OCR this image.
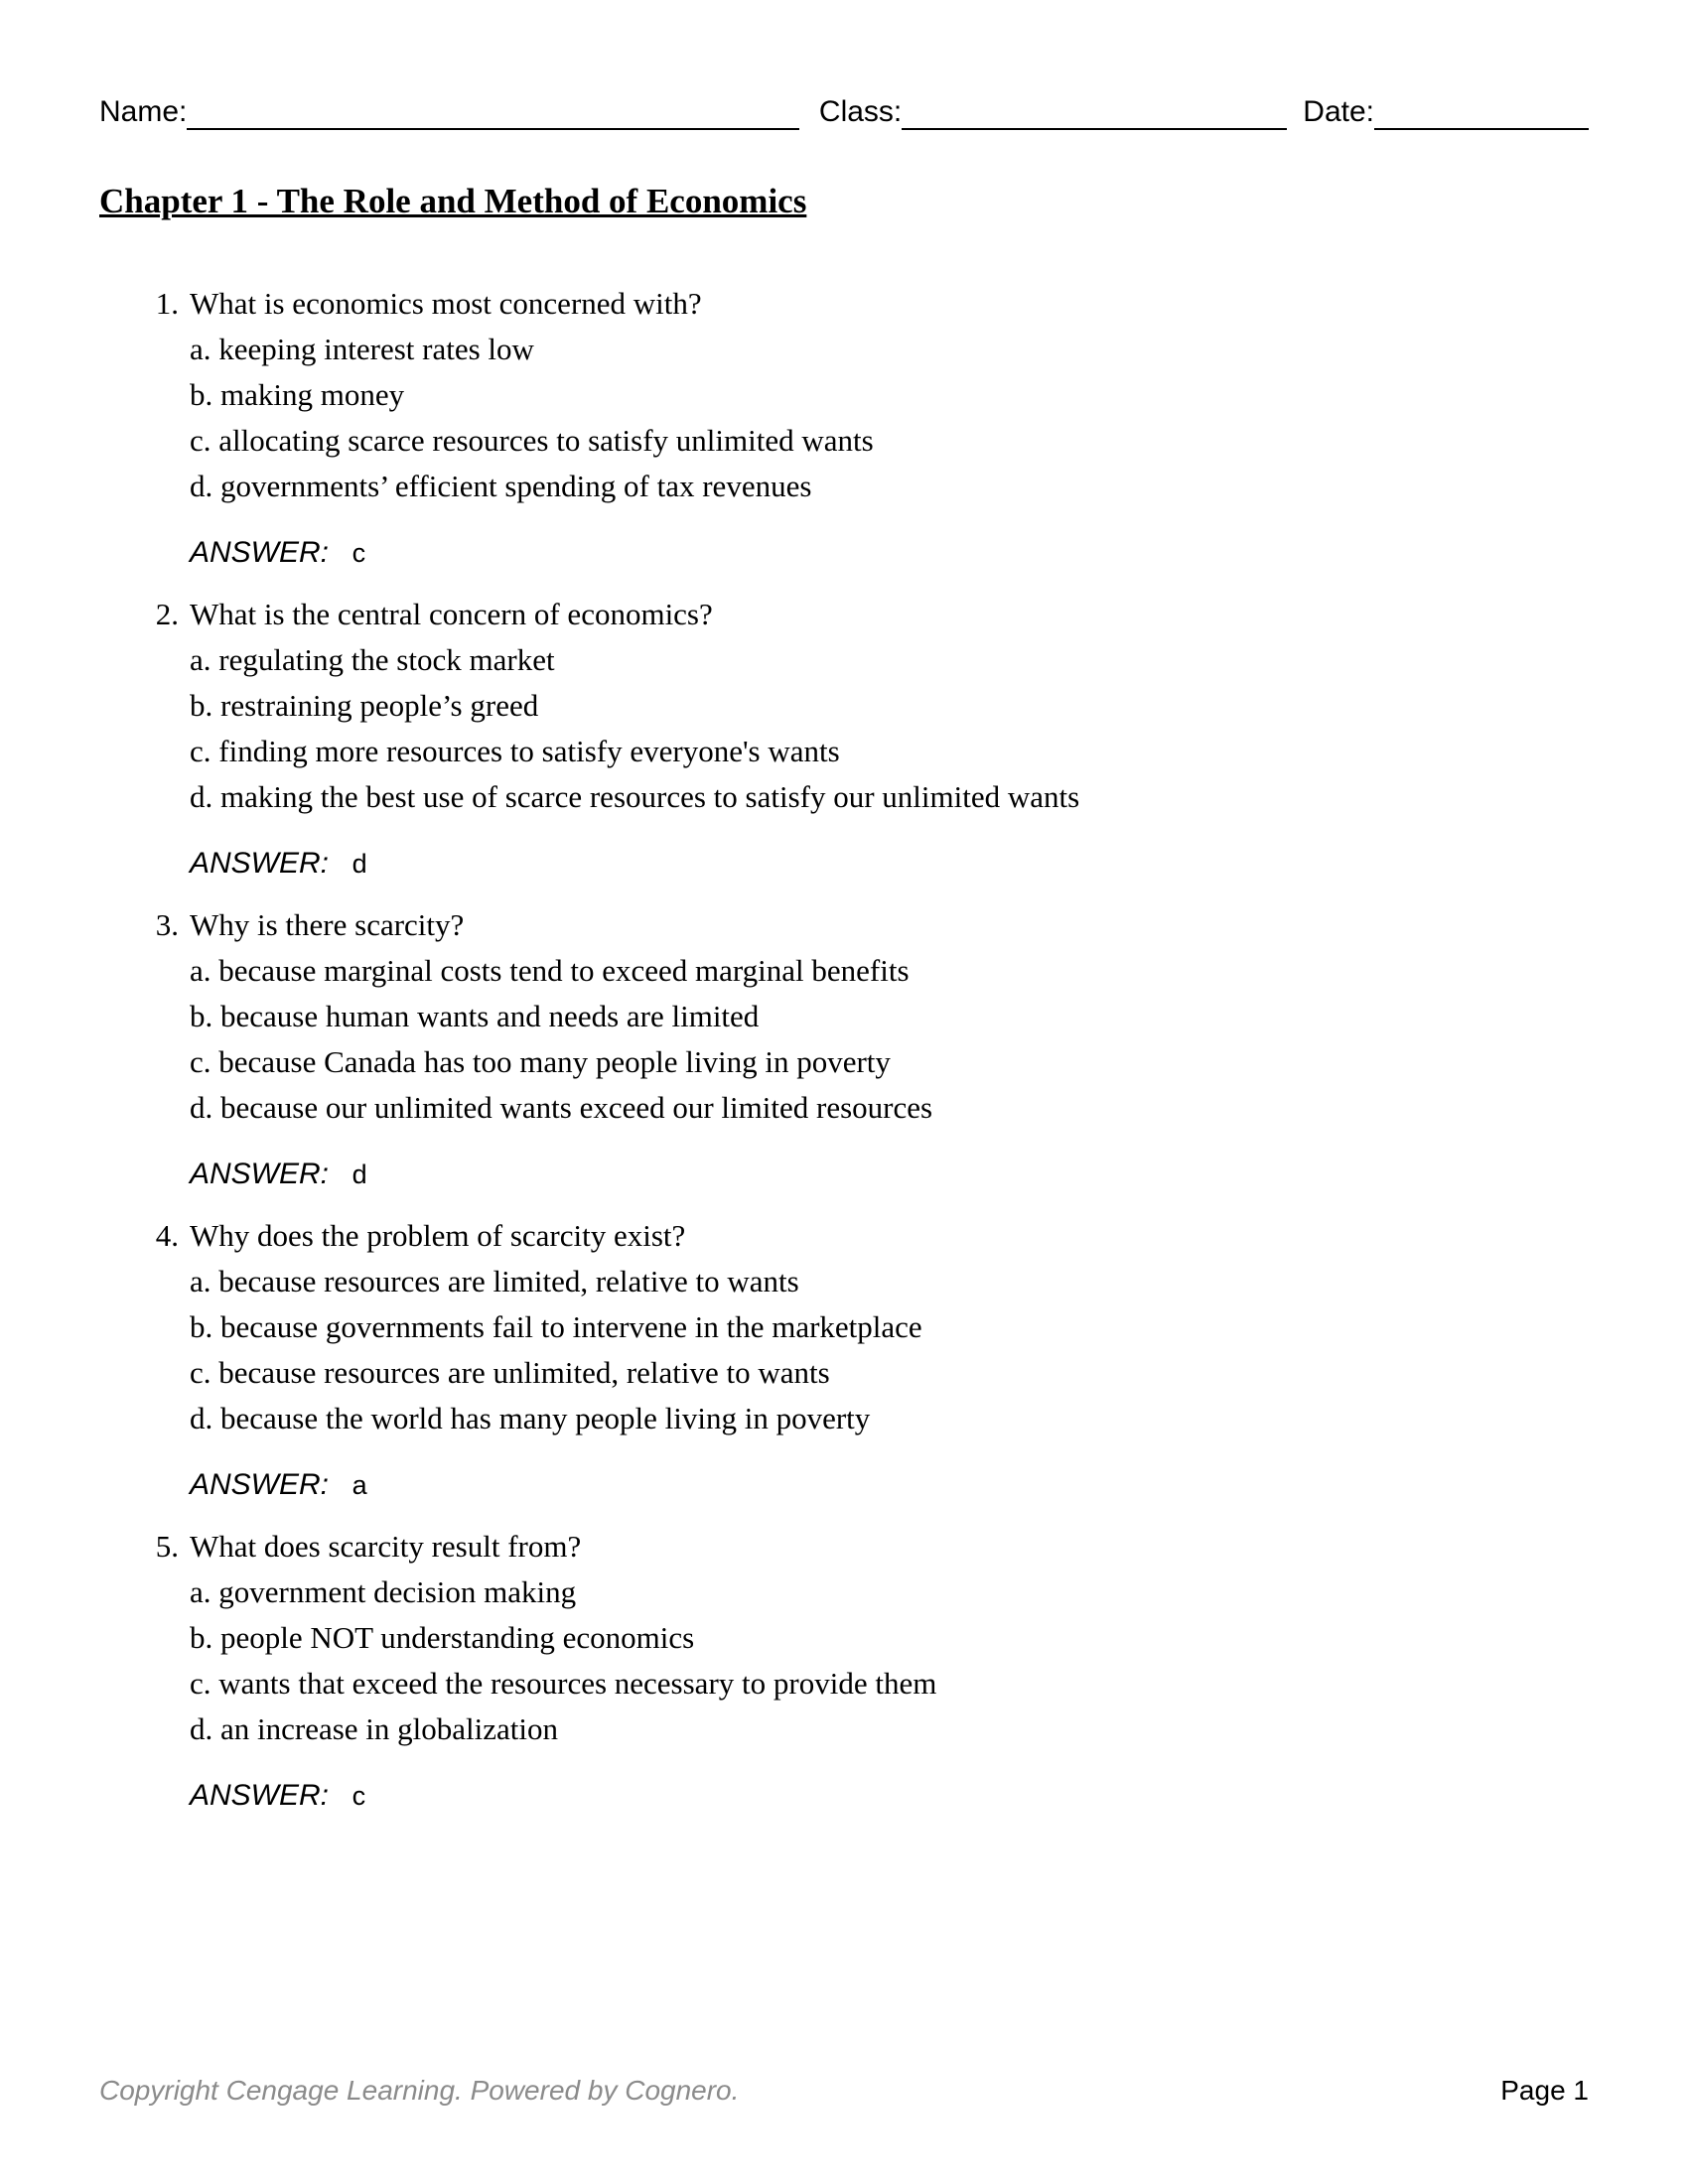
Name:	Class:	Date:
Chapter 1 - The Role and Method of Economics
1. What is economics most concerned with?
a. keeping interest rates low
b. making money
c. allocating scarce resources to satisfy unlimited wants
d. governments’ efficient spending of tax revenues
ANSWER: c
2. What is the central concern of economics?
a. regulating the stock market
b. restraining people’s greed
c. finding more resources to satisfy everyone's wants
d. making the best use of scarce resources to satisfy our unlimited wants
ANSWER: d
3. Why is there scarcity?
a. because marginal costs tend to exceed marginal benefits
b. because human wants and needs are limited
c. because Canada has too many people living in poverty
d. because our unlimited wants exceed our limited resources
ANSWER: d
4. Why does the problem of scarcity exist?
a. because resources are limited, relative to wants
b. because governments fail to intervene in the marketplace
c. because resources are unlimited, relative to wants
d. because the world has many people living in poverty
ANSWER: a
5. What does scarcity result from?
a. government decision making
b. people NOT understanding economics
c. wants that exceed the resources necessary to provide them
d. an increase in globalization
ANSWER: c
Copyright Cengage Learning. Powered by Cognero.	Page 1
